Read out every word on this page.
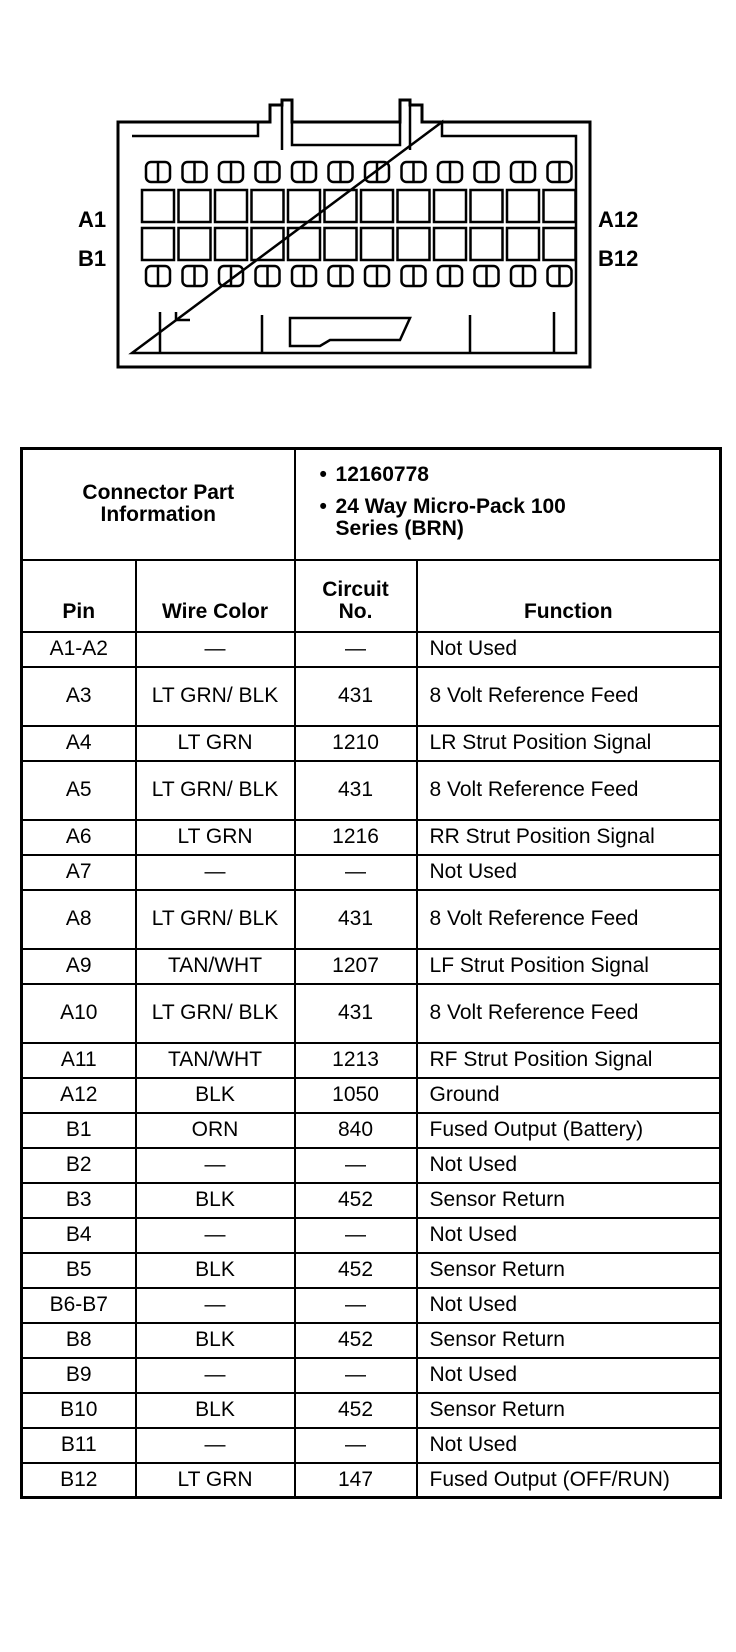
A1
B1
A12
B12
Connector Part Information		• 12160778
• 24 Way Micro-Pack 100 Series (BRN)	

Pin	Wire Color	Circuit No.	Function
A1-A2	—	—	Not Used
A3	LT GRN/ BLK	431	8 Volt Reference Feed
A4	LT GRN	1210	LR Strut Position Signal
A5	LT GRN/ BLK	431	8 Volt Reference Feed
A6	LT GRN	1216	RR Strut Position Signal
A7	—	—	Not Used
A8	LT GRN/ BLK	431	8 Volt Reference Feed
A9	TAN/WHT	1207	LF Strut Position Signal
A10	LT GRN/ BLK	431	8 Volt Reference Feed
A11	TAN/WHT	1213	RF Strut Position Signal
A12	BLK	1050	Ground
B1	ORN	840	Fused Output (Battery)
B2	—	—	Not Used
B3	BLK	452	Sensor Return
B4	—	—	Not Used
B5	BLK	452	Sensor Return
B6-B7	—	—	Not Used
B8	BLK	452	Sensor Return
B9	—	—	Not Used
B10	BLK	452	Sensor Return
B11	—	—	Not Used
B12	LT GRN	147	Fused Output (OFF/RUN)
